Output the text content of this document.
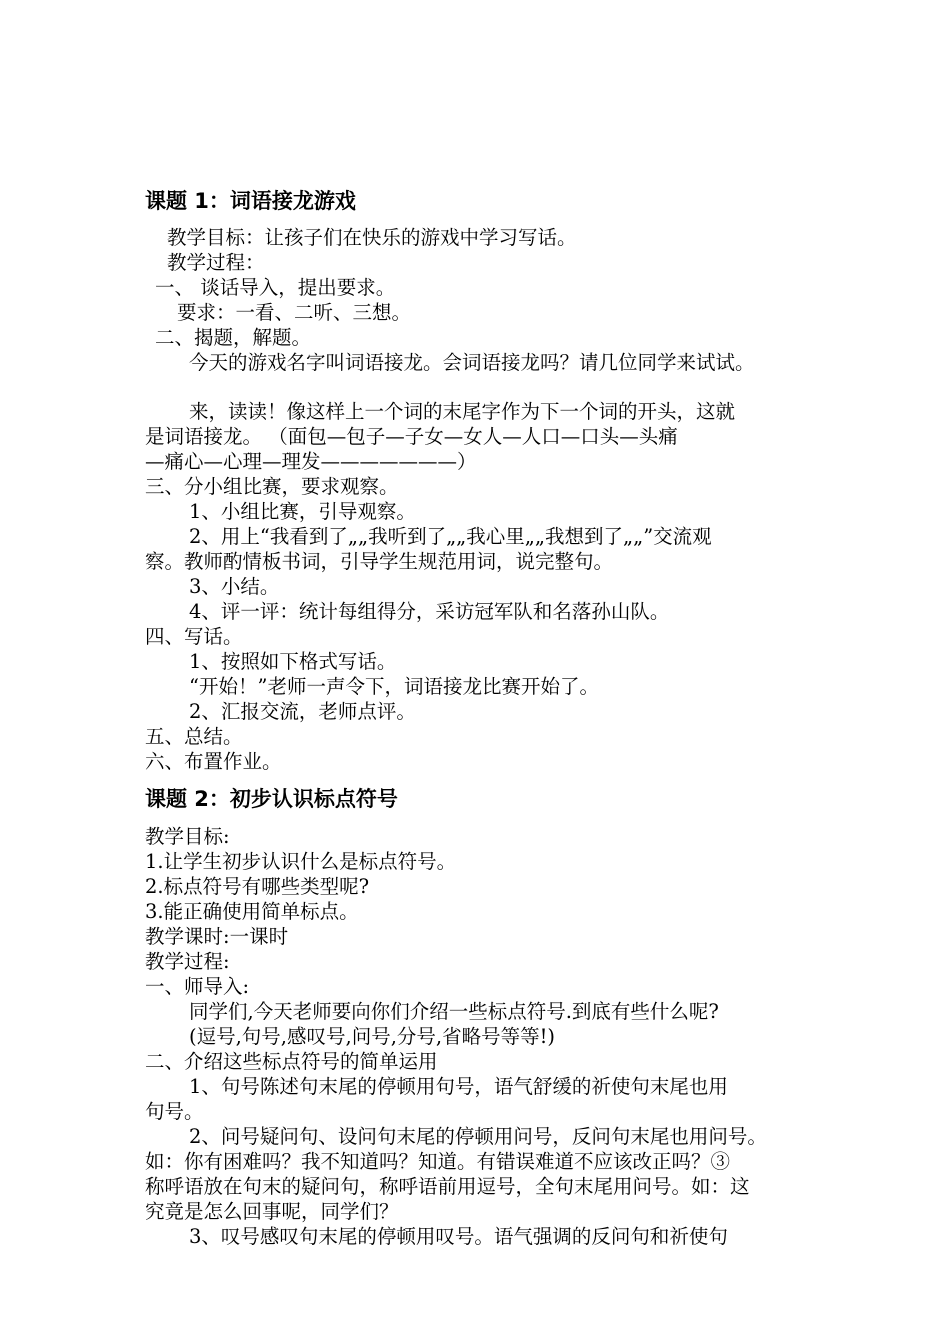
课题 1：词语接龙游戏
教学目标：让孩子们在快乐的游戏中学习写话。
教学过程：
一、 谈话导入，提出要求。
要求：一看、二听、三想。
二、揭题，解题。
今天的游戏名字叫词语接龙。会词语接龙吗？请几位同学来试试。
来，读读！像这样上一个词的末尾字作为下一个词的开头，这就
是词语接龙。 （面包—包子—子女—女人—人口—口头—头痛
—痛心—心理—理发———————）
三、分小组比赛，要求观察。
1、小组比赛，引导观察。
2、用上“我看到了„„我听到了„„我心里„„我想到了„„”交流观
察。教师酌情板书词，引导学生规范用词，说完整句。
3、小结。
4、评一评：统计每组得分，采访冠军队和名落孙山队。
四、写话。
1、按照如下格式写话。
“开始！”老师一声令下，词语接龙比赛开始了。
2、汇报交流，老师点评。
五、总结。
六、布置作业。
课题 2：初步认识标点符号
教学目标:
1.让学生初步认识什么是标点符号。
2.标点符号有哪些类型呢?
3.能正确使用简单标点。
教学课时:一课时
教学过程:
一、师导入:
同学们,今天老师要向你们介绍一些标点符号.到底有些什么呢?
(逗号,句号,感叹号,问号,分号,省略号等等!)
二、介绍这些标点符号的简单运用
1、句号陈述句末尾的停顿用句号，语气舒缓的祈使句末尾也用
句号。
2、问号疑问句、设问句末尾的停顿用问号，反问句末尾也用问号。
如：你有困难吗？我不知道吗？知道。有错误难道不应该改正吗？③
称呼语放在句末的疑问句，称呼语前用逗号，全句末尾用问号。如：这
究竟是怎么回事呢，同学们？
3、叹号感叹句末尾的停顿用叹号。语气强调的反问句和祈使句
